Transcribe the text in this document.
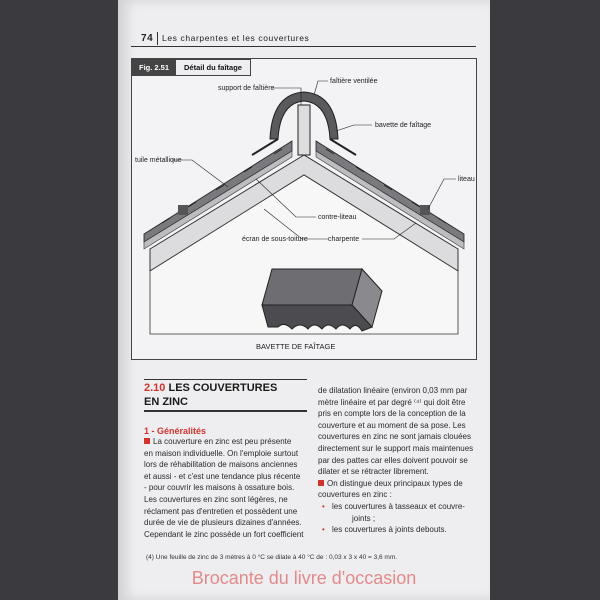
74 Les charpentes et les couvertures
support de faîtière
faîtière ventilée
bavette de faîtage
tuile métallique
liteau
contre-liteau
écran de sous-toiture	charpente
BAVETTE DE FAÎTAGE
Fig. 2.51	Détail du faîtage
2.10 LES COUVERTURES
EN ZINC
1 - Généralités

La couverture en zinc est peu présente

en maison individuelle. On l'emploie surtout

lors de réhabilitation de maisons anciennes

et aussi - et c'est une tendance plus récente

- pour couvrir les maisons à ossature bois.

Les couvertures en zinc sont légères, ne

réclament pas d'entretien et possèdent une

durée de vie de plusieurs dizaines d'années.

Cependant le zinc possède un fort coefficient

de dilatation linéaire (environ 0,03 mm par

mètre linéaire et par degré ⁽⁴⁾ qui doit être

pris en compte lors de la conception de la

couverture et au moment de sa pose. Les

couvertures en zinc ne sont jamais clouées

directement sur le support mais maintenues

par des pattes car elles doivent pouvoir se

dilater et se rétracter librement.

On distingue deux principaux types de

couvertures en zinc :

• les couvertures à tasseaux et couvre-

joints ;

• les couvertures à joints debouts.

(4) Une feuille de zinc de 3 mètres à 0 °C se dilate à 40 °C de : 0,03 x 3 x 40 = 3,6 mm.
Brocante du livre d'occasion
